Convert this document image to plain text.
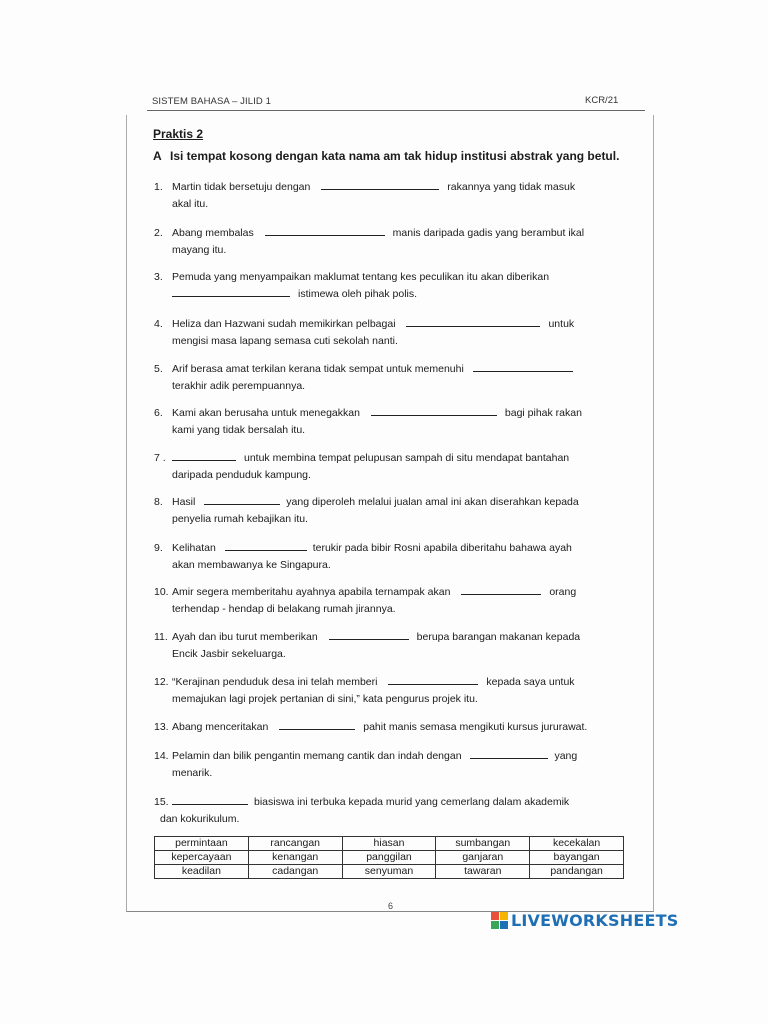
SISTEM BAHASA – JILID 1	KCR/21
Praktis 2
A Isi tempat kosong dengan kata nama am tak hidup institusi abstrak yang betul.
1. Martin tidak bersetuju dengan	rakannya yang tidak masuk
akal itu.
2. Abang membalas	manis daripada gadis yang berambut ikal
mayang itu.
3. Pemuda yang menyampaikan maklumat tentang kes peculikan itu akan diberikan
istimewa oleh pihak polis.
4. Heliza dan Hazwani sudah memikirkan pelbagai	untuk
mengisi masa lapang semasa cuti sekolah nanti.
5. Arif berasa amat terkilan kerana tidak sempat untuk memenuhi
terakhir adik perempuannya.
6. Kami akan berusaha untuk menegakkan	bagi pihak rakan
kami yang tidak bersalah itu.
7 .	untuk membina tempat pelupusan sampah di situ mendapat bantahan
daripada penduduk kampung.
8. Hasil	yang diperoleh melalui jualan amal ini akan diserahkan kepada
penyelia rumah kebajikan itu.
9. Kelihatan	terukir pada bibir Rosni apabila diberitahu bahawa ayah
akan membawanya ke Singapura.
10. Amir segera memberitahu ayahnya apabila ternampak akan	orang
terhendap - hendap di belakang rumah jirannya.
11. Ayah dan ibu turut memberikan	berupa barangan makanan kepada
Encik Jasbir sekeluarga.
12. “Kerajinan penduduk desa ini telah memberi	kepada saya untuk
memajukan lagi projek pertanian di sini,” kata pengurus projek itu.
13. Abang menceritakan	pahit manis semasa mengikuti kursus jururawat.
14. Pelamin dan bilik pengantin memang cantik dan indah dengan	yang
menarik.
15.	biasiswa ini terbuka kepada murid yang cemerlang dalam akademik
dan kokurikulum.
permintaan	rancangan	hiasan	sumbangan	kecekalan
kepercayaan	kenangan	panggilan	ganjaran	bayangan
keadilan	cadangan	senyuman	tawaran	pandangan
6
LIVEWORKSHEETS
